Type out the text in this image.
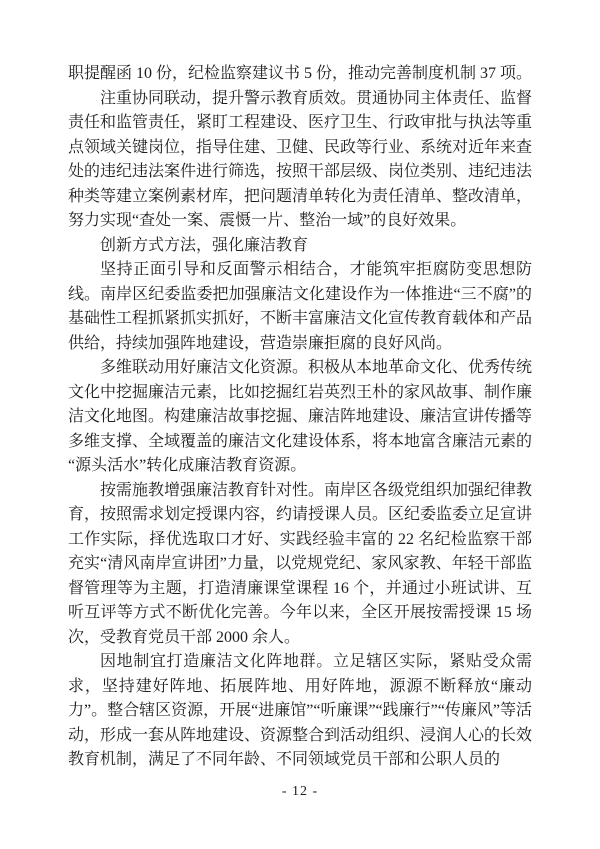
职提醒函 10 份，纪检监察建议书 5 份，推动完善制度机制 37 项。

注重协同联动，提升警示教育质效。贯通协同主体责任、监督责任和监管责任，紧盯工程建设、医疗卫生、行政审批与执法等重点领域关键岗位，指导住建、卫健、民政等行业、系统对近年来查处的违纪违法案件进行筛选，按照干部层级、岗位类别、违纪违法种类等建立案例素材库，把问题清单转化为责任清单、整改清单，努力实现“查处一案、震慑一片、整治一域”的良好效果。

创新方式方法，强化廉洁教育

坚持正面引导和反面警示相结合，才能筑牢拒腐防变思想防线。南岸区纪委监委把加强廉洁文化建设作为一体推进“三不腐”的基础性工程抓紧抓实抓好，不断丰富廉洁文化宣传教育载体和产品供给，持续加强阵地建设，营造崇廉拒腐的良好风尚。

多维联动用好廉洁文化资源。积极从本地革命文化、优秀传统文化中挖掘廉洁元素，比如挖掘红岩英烈王朴的家风故事、制作廉洁文化地图。构建廉洁故事挖掘、廉洁阵地建设、廉洁宣讲传播等多维支撑、全域覆盖的廉洁文化建设体系，将本地富含廉洁元素的“源头活水”转化成廉洁教育资源。

按需施教增强廉洁教育针对性。南岸区各级党组织加强纪律教育，按照需求划定授课内容，约请授课人员。区纪委监委立足宣讲工作实际，择优选取口才好、实践经验丰富的 22 名纪检监察干部充实“清风南岸宣讲团”力量，以党规党纪、家风家教、年轻干部监督管理等为主题，打造清廉课堂课程 16 个，并通过小班试讲、互听互评等方式不断优化完善。今年以来，全区开展按需授课 15 场次，受教育党员干部 2000 余人。

因地制宜打造廉洁文化阵地群。立足辖区实际，紧贴受众需求，坚持建好阵地、拓展阵地、用好阵地，源源不断释放“廉动力”。整合辖区资源，开展“进廉馆”“听廉课”“践廉行”“传廉风”等活动，形成一套从阵地建设、资源整合到活动组织、浸润人心的长效教育机制，满足了不同年龄、不同领域党员干部和公职人员的

- 12 -
